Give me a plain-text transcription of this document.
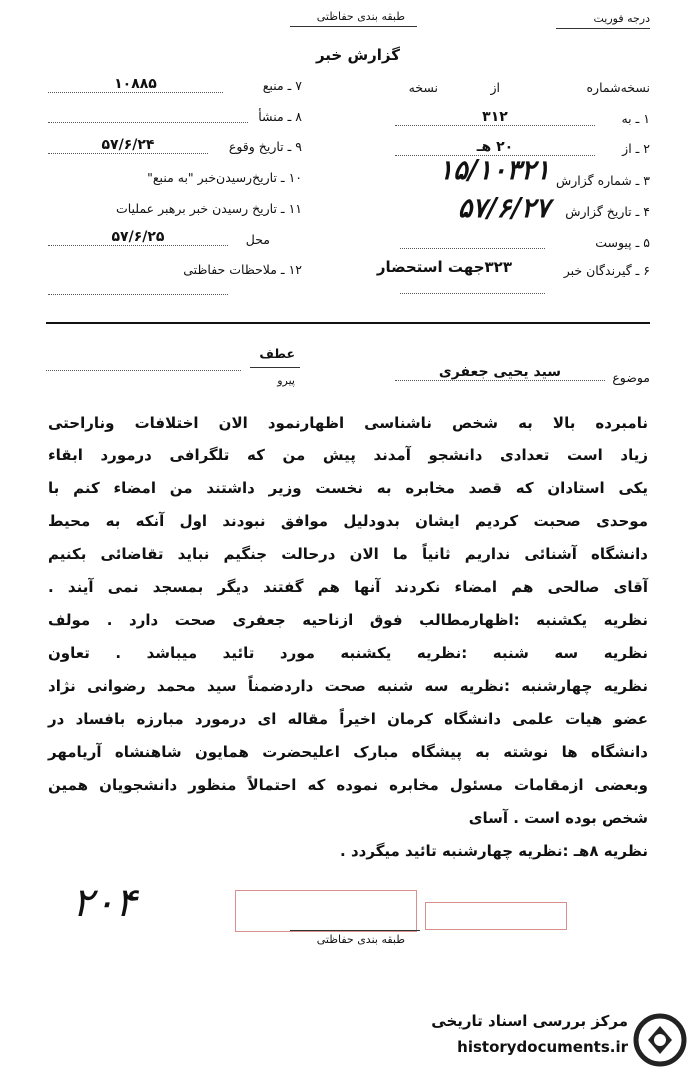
طبقه بندی حفاظتی	درجه فوریت
گزارش خبر
۷ ـ منبع
۱۰۸۸۵
۸ ـ منشأ
۹ ـ تاریخ وقوع
۵۷/۶/۲۴
۱۰ ـ تاریخ‌رسیدن‌خبر "به منبع"
۱۱ ـ تاریخ رسیدن خبر برهبر عملیات
محل
۵۷/۶/۲۵
۱۲ ـ ملاحظات حفاظتی
نسخه‌شماره
از
نسخه
۱ ـ به
۳۱۲
۲ ـ از
۲۰ هـ
۳ ـ شماره گزارش
۱۵/۱۰۳۲۱
۴ ـ تاریخ گزارش
۵۷/۶/۲۷
۵ ـ پیوست
۶ ـ گیرندگان خبر
۳۲۳جهت استحضار
موضوع
سید یحیی جعفری
عطف
پیرو
نامبرده بالا به شخص ناشناسی اظهارنمود الان اختلافات وناراحتی
زیاد است تعدادی دانشجو آمدند پیش من که تلگرافی درمورد ابقاء
یکی استادان که قصد مخابره به نخست وزیر داشتند من امضاء کنم با
موحدی صحبت کردیم ایشان بدودلیل موافق نبودند اول آنکه به محیط
دانشگاه آشنائی نداریم ثانیاً ما الان درحالت جنگیم نباید تقاضائی بکنیم
آقای صالحی هم امضاء نکردند آنها هم گفتند دیگر بمسجد نمی آیند .
نظریه یکشنبه :اظهارمطالب فوق ازناحیه جعفری صحت دارد . مولف
نظریه سه شنبه :نظریه یکشنبه مورد تائید میباشد . تعاون
نظریه چهارشنبه :نظریه سه شنبه صحت داردضمناً سید محمد رضوانی نژاد
عضو هیات علمی دانشگاه کرمان اخیراً مقاله ای درمورد مبارزه بافساد در
دانشگاه ها نوشته به پیشگاه مبارک اعلیحضرت همایون شاهنشاه آریامهر
وبعضی ازمقامات مسئول مخابره نموده که احتمالاً منظور دانشجویان همین
شخص بوده است . آسای
نظریه ۸هـ :نظریه چهارشنبه تائید میگردد .
۲۰۴
طبقه بندی حفاظتی
مرکز بررسی اسناد تاریخی
historydocuments.ir
